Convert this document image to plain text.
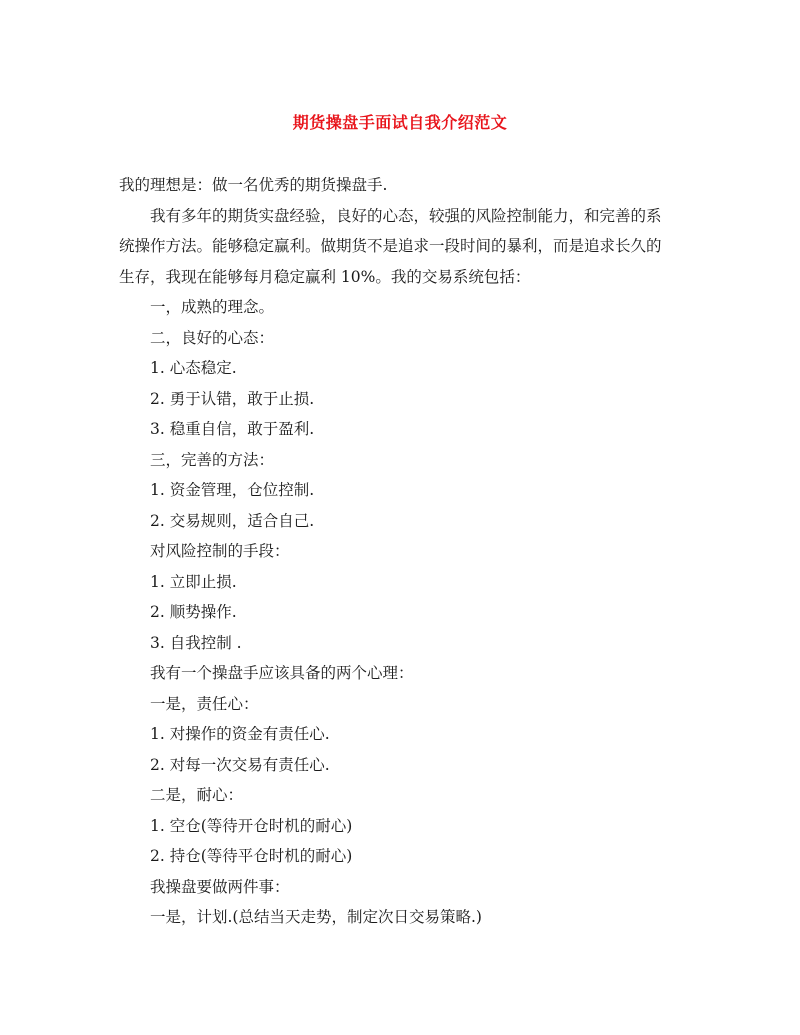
期货操盘手面试自我介绍范文
我的理想是：做一名优秀的期货操盘手.
我有多年的期货实盘经验，良好的心态，较强的风险控制能力，和完善的系
统操作方法。能够稳定赢利。做期货不是追求一段时间的暴利，而是追求长久的
生存，我现在能够每月稳定赢利 10%。我的交易系统包括：
一，成熟的理念。
二，良好的心态：
1. 心态稳定.
2. 勇于认错，敢于止损.
3. 稳重自信，敢于盈利.
三，完善的方法：
1. 资金管理，仓位控制.
2. 交易规则，适合自己.
对风险控制的手段：
1. 立即止损.
2. 顺势操作.
3. 自我控制 .
我有一个操盘手应该具备的两个心理：
一是，责任心：
1. 对操作的资金有责任心.
2. 对每一次交易有责任心.
二是，耐心：
1. 空仓(等待开仓时机的耐心)
2. 持仓(等待平仓时机的耐心)
我操盘要做两件事：
一是，计划.(总结当天走势，制定次日交易策略.)
